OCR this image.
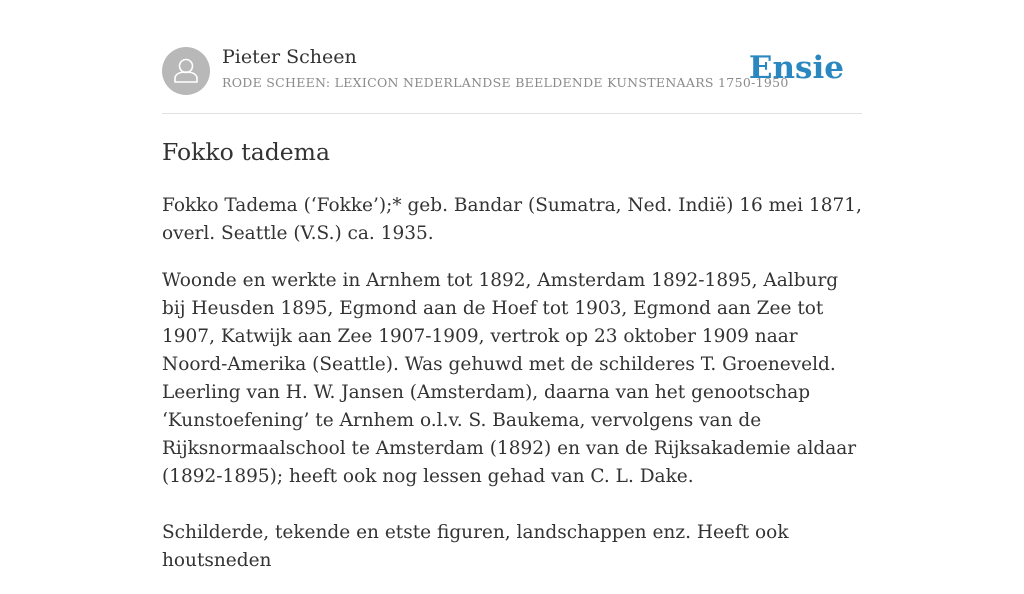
Pieter Scheen
RODE SCHEEN: LEXICON NEDERLANDSE BEELDENDE KUNSTENAARS 1750-1950
Ensie
Fokko tadema

Fokko Tadema (‘Fokke’);* geb. Bandar (Sumatra, Ned. Indië) 16 mei 1871, overl. Seattle (V.S.) ca. 1935.

Woonde en werkte in Arnhem tot 1892, Amsterdam 1892-1895, Aalburg bij Heusden 1895, Egmond aan de Hoef tot 1903, Egmond aan Zee tot 1907, Katwijk aan Zee 1907-1909, vertrok op 23 oktober 1909 naar Noord-Amerika (Seattle). Was gehuwd met de schilderes T. Groeneveld. Leerling van H. W. Jansen (Amsterdam), daarna van het genootschap ‘Kunstoefening’ te Arnhem o.l.v. S. Baukema, vervolgens van de Rijksnormaalschool te Amsterdam (1892) en van de Rijksakademie aldaar (1892-1895); heeft ook nog lessen gehad van C. L. Dake.

Schilderde, tekende en etste figuren, landschappen enz. Heeft ook houtsneden
